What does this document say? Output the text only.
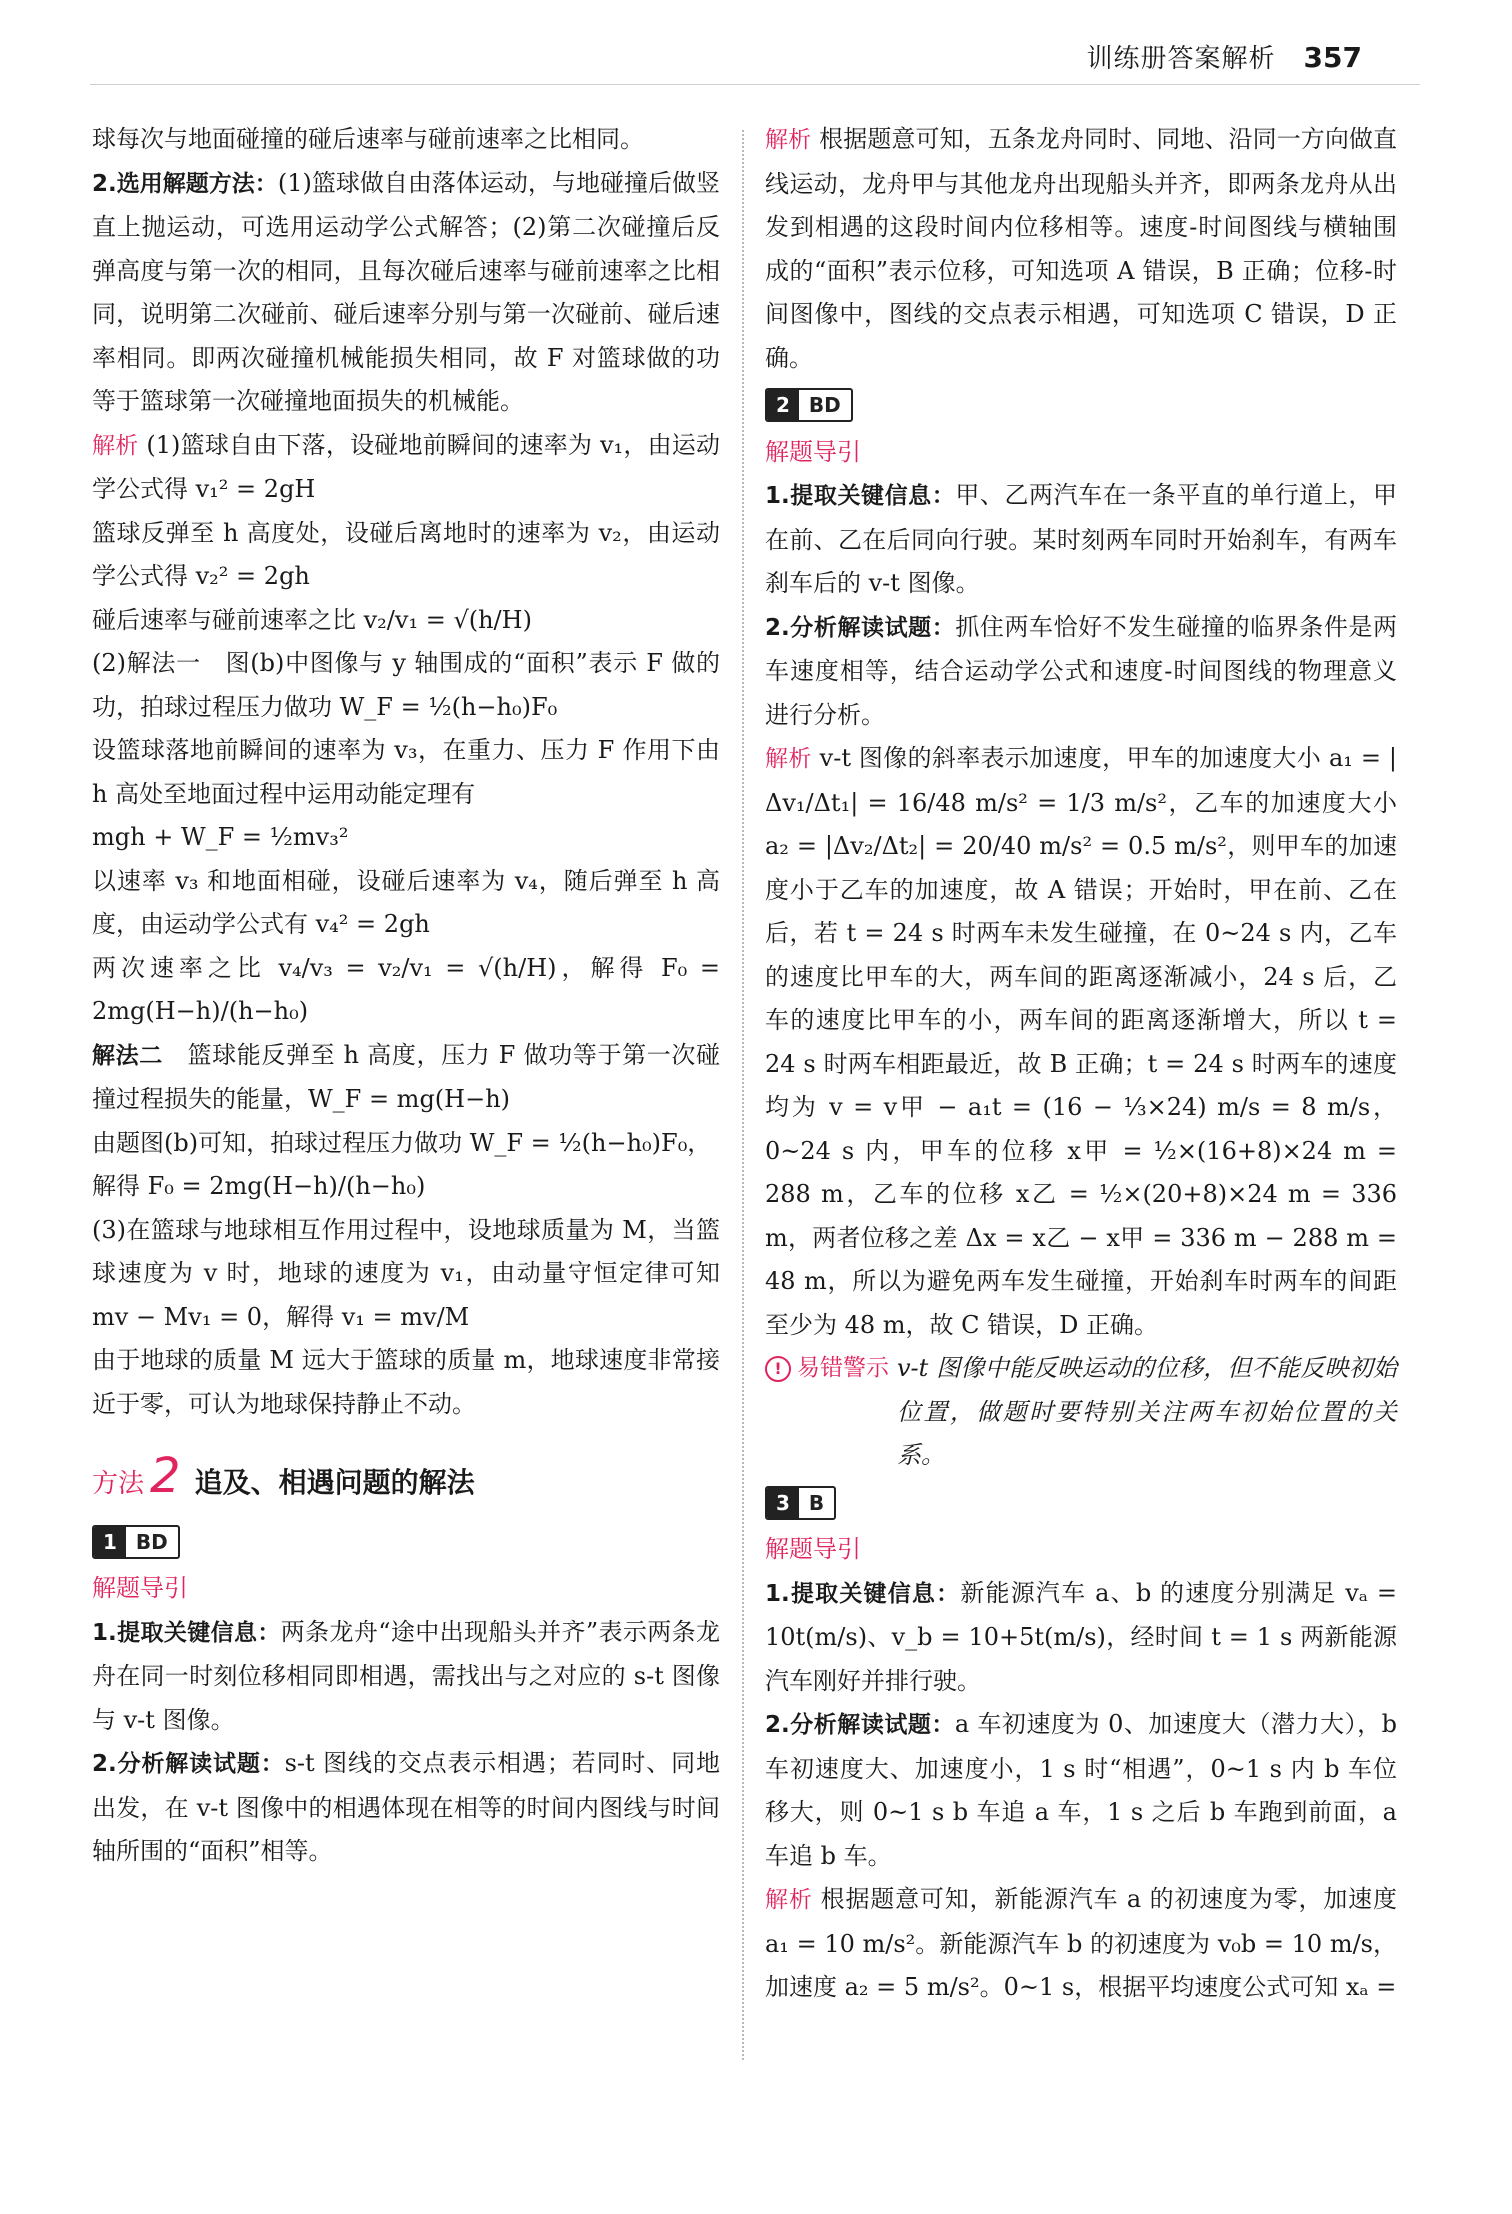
训练册答案解析 357

球每次与地面碰撞的碰后速率与碰前速率之比相同。

2.选用解题方法：(1)篮球做自由落体运动，与地碰撞后做竖直上抛运动，可选用运动学公式解答；(2)第二次碰撞后反弹高度与第一次的相同，且每次碰后速率与碰前速率之比相同，说明第二次碰前、碰后速率分别与第一次碰前、碰后速率相同。即两次碰撞机械能损失相同，故 F 对篮球做的功等于篮球第一次碰撞地面损失的机械能。

解析 (1)篮球自由下落，设碰地前瞬间的速率为 v₁，由运动学公式得 v₁² = 2gH

篮球反弹至 h 高度处，设碰后离地时的速率为 v₂，由运动学公式得 v₂² = 2gh

碰后速率与碰前速率之比 v₂/v₁ = √(h/H)

(2)解法一　图(b)中图像与 y 轴围成的“面积”表示 F 做的功，拍球过程压力做功 W_F = ½(h−h₀)F₀

设篮球落地前瞬间的速率为 v₃，在重力、压力 F 作用下由 h 高处至地面过程中运用动能定理有

mgh + W_F = ½mv₃²

以速率 v₃ 和地面相碰，设碰后速率为 v₄，随后弹至 h 高度，由运动学公式有 v₄² = 2gh

两次速率之比 v₄/v₃ = v₂/v₁ = √(h/H)，解得 F₀ = 2mg(H−h)/(h−h₀)

解法二　篮球能反弹至 h 高度，压力 F 做功等于第一次碰撞过程损失的能量，W_F = mg(H−h)

由题图(b)可知，拍球过程压力做功 W_F = ½(h−h₀)F₀，

解得 F₀ = 2mg(H−h)/(h−h₀)

(3)在篮球与地球相互作用过程中，设地球质量为 M，当篮球速度为 v 时，地球的速度为 v₁，由动量守恒定律可知 mv − Mv₁ = 0，解得 v₁ = mv/M

由于地球的质量 M 远大于篮球的质量 m，地球速度非常接近于零，可认为地球保持静止不动。

方法 2 追及、相遇问题的解法
1 BD
解题导引

1.提取关键信息：两条龙舟“途中出现船头并齐”表示两条龙舟在同一时刻位移相同即相遇，需找出与之对应的 s-t 图像与 v-t 图像。

2.分析解读试题：s-t 图线的交点表示相遇；若同时、同地出发，在 v-t 图像中的相遇体现在相等的时间内图线与时间轴所围的“面积”相等。

解析 根据题意可知，五条龙舟同时、同地、沿同一方向做直线运动，龙舟甲与其他龙舟出现船头并齐，即两条龙舟从出发到相遇的这段时间内位移相等。速度-时间图线与横轴围成的“面积”表示位移，可知选项 A 错误，B 正确；位移-时间图像中，图线的交点表示相遇，可知选项 C 错误，D 正确。

2 BD
解题导引

1.提取关键信息：甲、乙两汽车在一条平直的单行道上，甲在前、乙在后同向行驶。某时刻两车同时开始刹车，有两车刹车后的 v-t 图像。

2.分析解读试题：抓住两车恰好不发生碰撞的临界条件是两车速度相等，结合运动学公式和速度-时间图线的物理意义进行分析。

解析 v-t 图像的斜率表示加速度，甲车的加速度大小 a₁ = |Δv₁/Δt₁| = 16/48 m/s² = 1/3 m/s²，乙车的加速度大小 a₂ = |Δv₂/Δt₂| = 20/40 m/s² = 0.5 m/s²，则甲车的加速度小于乙车的加速度，故 A 错误；开始时，甲在前、乙在后，若 t = 24 s 时两车未发生碰撞，在 0~24 s 内，乙车的速度比甲车的大，两车间的距离逐渐减小，24 s 后，乙车的速度比甲车的小，两车间的距离逐渐增大，所以 t = 24 s 时两车相距最近，故 B 正确；t = 24 s 时两车的速度均为 v = v甲 − a₁t = (16 − ⅓×24) m/s = 8 m/s，0~24 s 内，甲车的位移 x甲 = ½×(16+8)×24 m = 288 m，乙车的位移 x乙 = ½×(20+8)×24 m = 336 m，两者位移之差 Δx = x乙 − x甲 = 336 m − 288 m = 48 m，所以为避免两车发生碰撞，开始刹车时两车的间距至少为 48 m，故 C 错误，D 正确。

! 易错警示 v-t 图像中能反映运动的位移，但不能反映初始位置，做题时要特别关注两车初始位置的关系。
3 B
解题导引

1.提取关键信息：新能源汽车 a、b 的速度分别满足 vₐ = 10t(m/s)、v_b = 10+5t(m/s)，经时间 t = 1 s 两新能源汽车刚好并排行驶。

2.分析解读试题：a 车初速度为 0、加速度大（潜力大），b 车初速度大、加速度小，1 s 时“相遇”，0~1 s 内 b 车位移大，则 0~1 s b 车追 a 车，1 s 之后 b 车跑到前面，a 车追 b 车。

解析 根据题意可知，新能源汽车 a 的初速度为零，加速度 a₁ = 10 m/s²。新能源汽车 b 的初速度为 v₀b = 10 m/s，加速度 a₂ = 5 m/s²。0~1 s，根据平均速度公式可知 xₐ =
